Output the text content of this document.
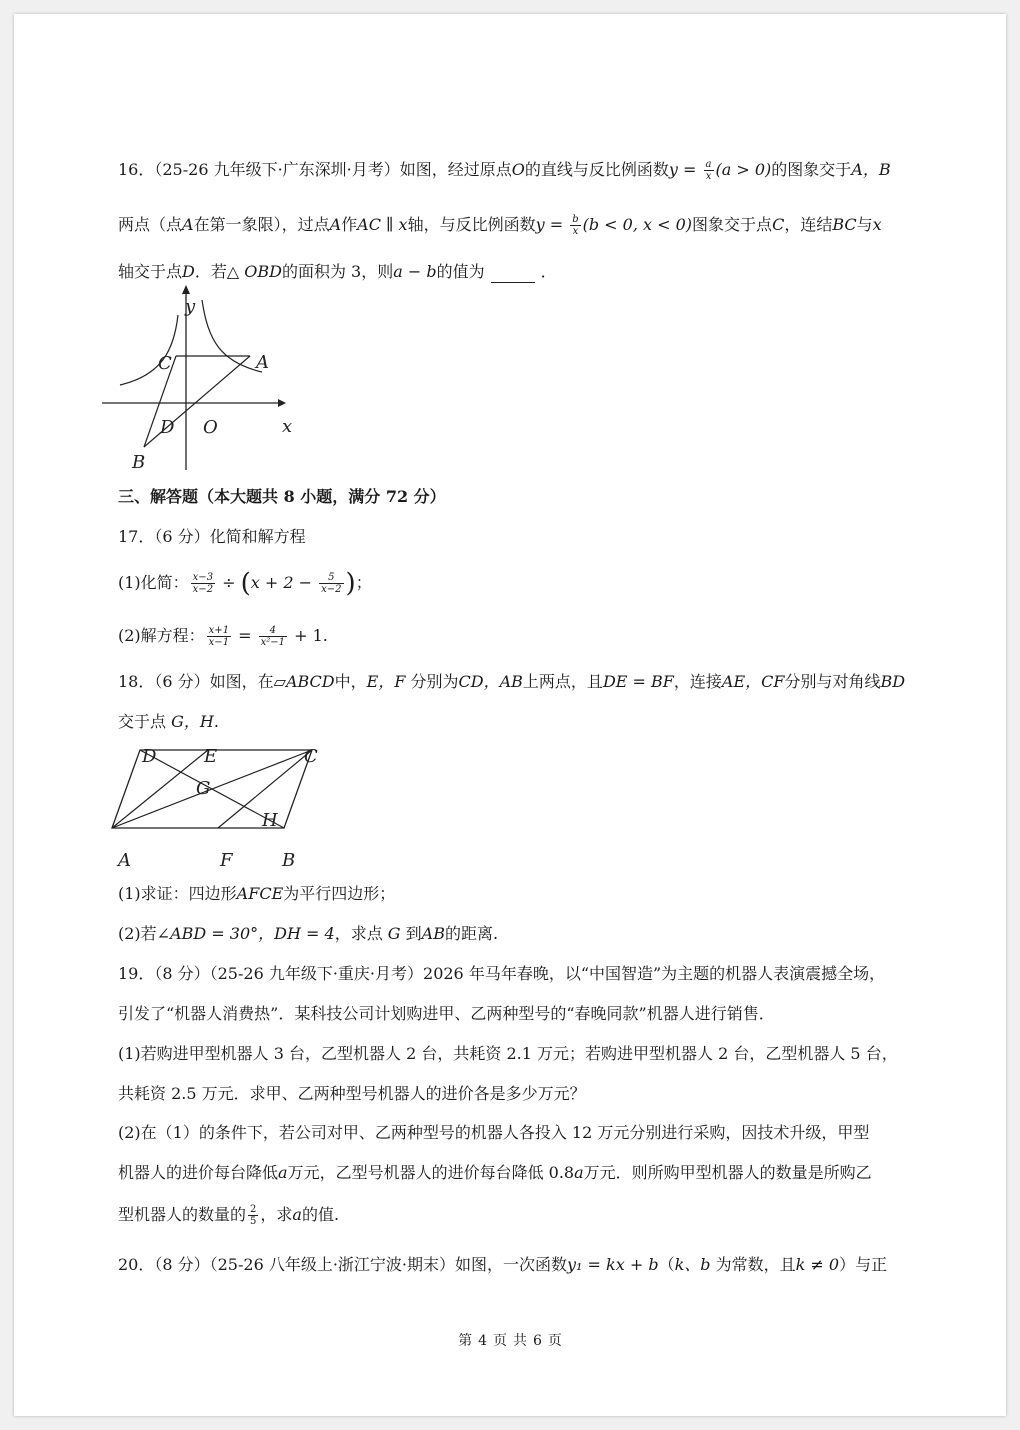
16．（25-26 九年级下·广东深圳·月考）如图，经过原点O的直线与反比例函数$y = \frac{a}{x} (a > 0)$的图象交于A，B
两点（点A在第一象限），过点A作AC ∥ x轴，与反比例函数$y = \frac{b}{x} (b < 0$, x < 0)图象交于点C，连结BC与x
轴交于点D．若△ OBD的面积为 3，则a − b的值为	．
y
x
A
C
D O
B
三、解答题（本大题共 8 小题，满分 72 分）
17．（6 分）化简和解方程
(1)化简： $\frac{x-3}{x-2} \div (x + 2 - \frac{5}{x-2}$ )；
(2)解方程： $\frac{x+1}{x-1} = \frac{4}{\text{x²−1}} + 1$.
18．（6 分）如图，在▱ABCD中，E，F 分别为CD，AB上两点，且DE = BF，连接AE，CF分别与对角线BD
交于点 G，H.
D	E	C
G
H
A	F	B
(1)求证：四边形AFCE为平行四边形；
(2)若∠ABD = 30°，DH = 4，求点 G 到AB的距离.
19．（8 分）（25-26 九年级下·重庆·月考）2026 年马年春晚，以“中国智造”为主题的机器人表演震撼全场，
引发了“机器人消费热”．某科技公司计划购进甲、乙两种型号的“春晚同款”机器人进行销售．
(1)若购进甲型机器人 3 台，乙型机器人 2 台，共耗资 2.1 万元；若购进甲型机器人 2 台，乙型机器人 5 台，
共耗资 2.5 万元．求甲、乙两种型号机器人的进价各是多少万元？
(2)在（1）的条件下，若公司对甲、乙两种型号的机器人各投入 12 万元分别进行采购，因技术升级，甲型
机器人的进价每台降低a万元，乙型号机器人的进价每台降低 0.8a万元．则所购甲型机器人的数量是所购乙
型机器人的数量的 $\frac{2}{5}$ ，求a的值.
20．（8 分）（25-26 八年级上·浙江宁波·期末）如图，一次函数y₁ = kx + b（k、b 为常数，且k ≠ 0）与正
第 4 页 共 6 页
